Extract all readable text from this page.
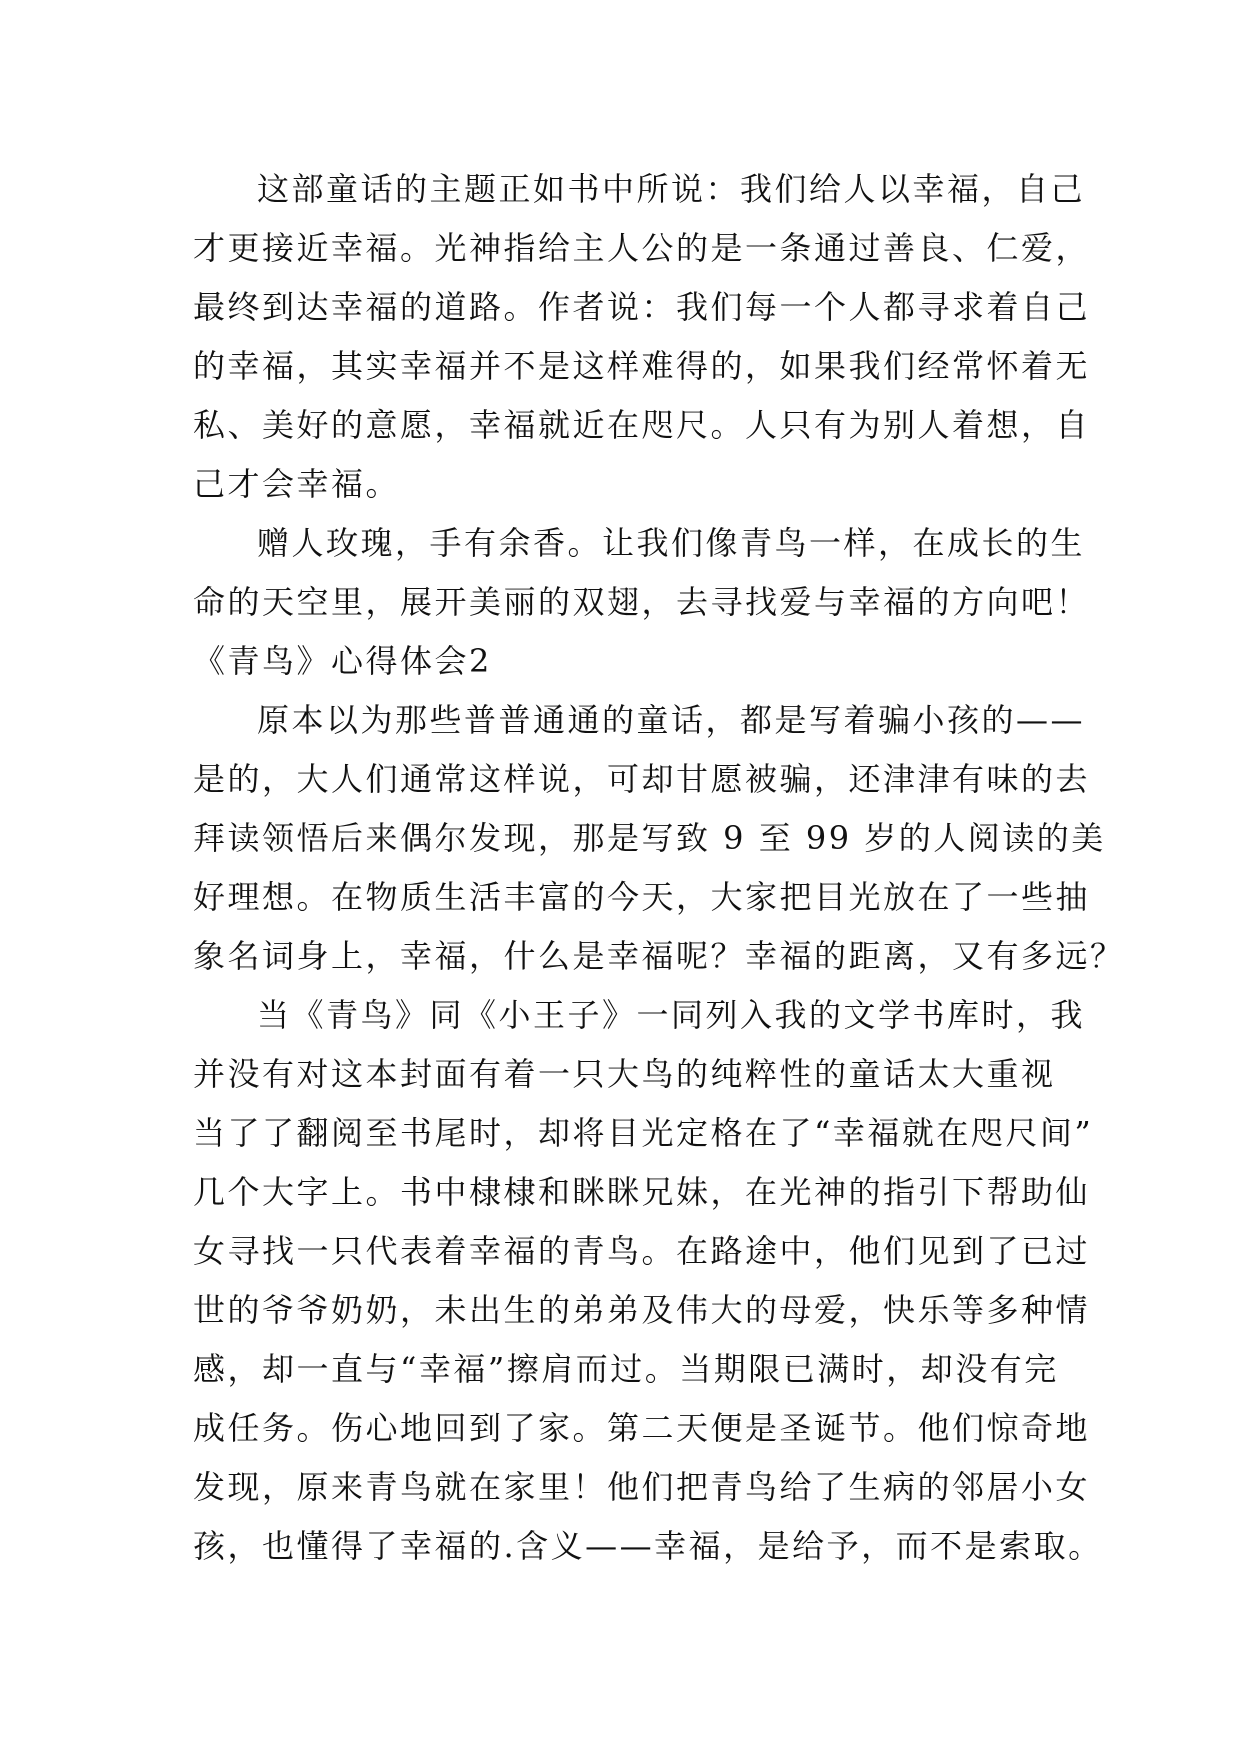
这部童话的主题正如书中所说：我们给人以幸福，自己
才更接近幸福。光神指给主人公的是一条通过善良、仁爱，
最终到达幸福的道路。作者说：我们每一个人都寻求着自己
的幸福，其实幸福并不是这样难得的，如果我们经常怀着无
私、美好的意愿，幸福就近在咫尺。人只有为别人着想，自
己才会幸福。

赠人玫瑰，手有余香。让我们像青鸟一样，在成长的生
命的天空里，展开美丽的双翅，去寻找爱与幸福的方向吧！

《青鸟》心得体会2

原本以为那些普普通通的童话，都是写着骗小孩的——
是的，大人们通常这样说，可却甘愿被骗，还津津有味的去
拜读领悟后来偶尔发现，那是写致 9 至 99 岁的人阅读的美
好理想。在物质生活丰富的今天，大家把目光放在了一些抽
象名词身上，幸福，什么是幸福呢？幸福的距离，又有多远？

当《青鸟》同《小王子》一同列入我的文学书库时，我
并没有对这本封面有着一只大鸟的纯粹性的童话太大重视
当了了翻阅至书尾时，却将目光定格在了“幸福就在咫尺间”
几个大字上。书中棣棣和眯眯兄妹，在光神的指引下帮助仙
女寻找一只代表着幸福的青鸟。在路途中，他们见到了已过
世的爷爷奶奶，未出生的弟弟及伟大的母爱，快乐等多种情
感，却一直与“幸福”擦肩而过。当期限已满时，却没有完
成任务。伤心地回到了家。第二天便是圣诞节。他们惊奇地
发现，原来青鸟就在家里！他们把青鸟给了生病的邻居小女
孩，也懂得了幸福的.含义——幸福，是给予，而不是索取。
